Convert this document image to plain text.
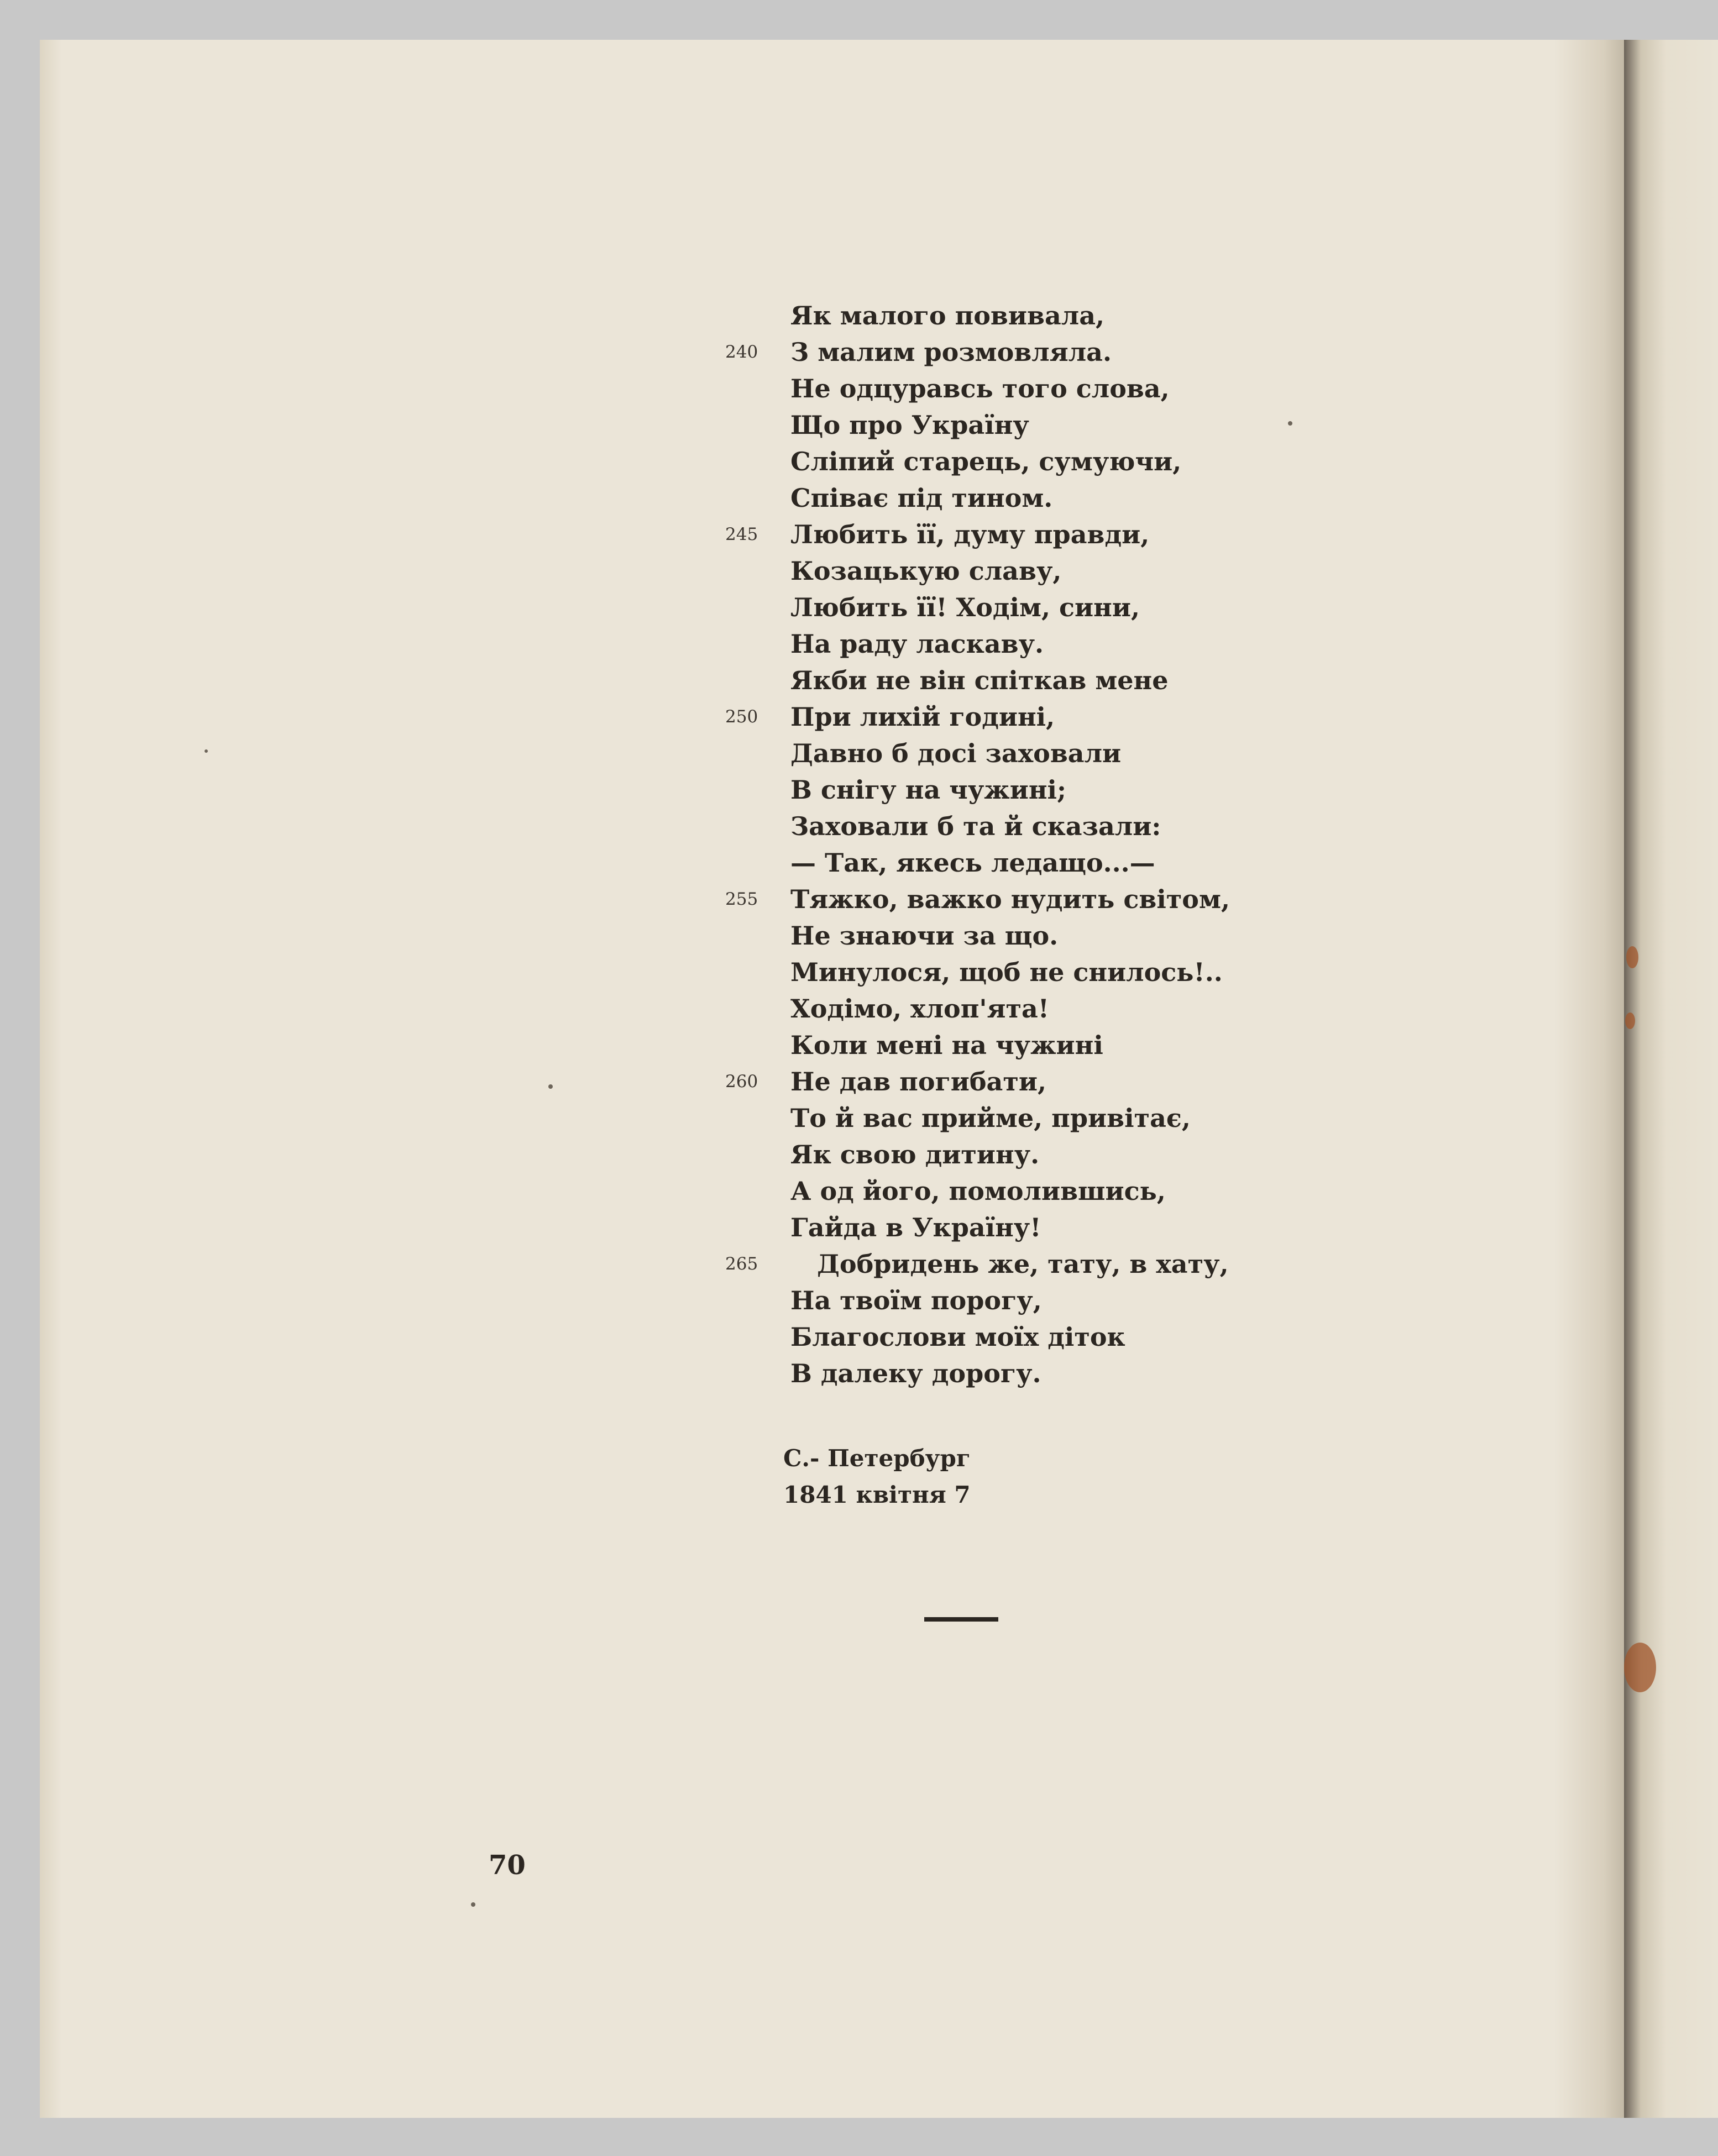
Як малого повивала,
240	З малим розмовляла.
Не одцуравсь того слова,
Що про Україну
Сліпий старець, сумуючи,
Співає під тином.
245	Любить її, думу правди,
Козацькую славу,
Любить її! Ходім, сини,
На раду ласкаву.
Якби не він спіткав мене
250	При лихій годині,
Давно б досі заховали
В снігу на чужині;
Заховали б та й сказали:
— Так, якесь ледащо...—
255	Тяжко, важко нудить світом,
Не знаючи за що.
Минулося, щоб не снилось!..
Ходімо, хлоп'ята!
Коли мені на чужині
260	Не дав погибати,
То й вас прийме, привітає,
Як свою дитину.
А од його, помолившись,
Гайда в Україну!
265	Добридень же, тату, в хату,
На твоїм порогу,
Благослови моїх діток
В далеку дорогу.
С.- Петербург
1841 квітня 7
70
